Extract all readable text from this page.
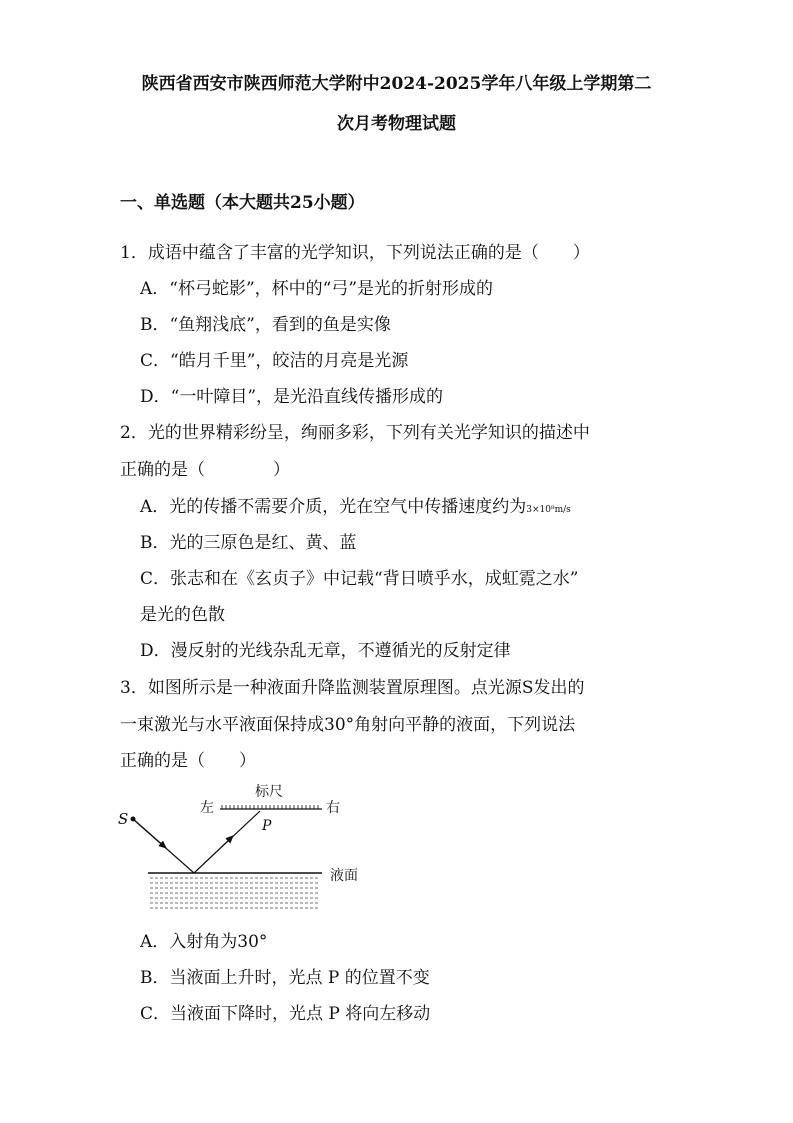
陕西省西安市陕西师范大学附中2024-2025学年八年级上学期第二
次月考物理试题
一、单选题（本大题共25小题）
1．成语中蕴含了丰富的光学知识，下列说法正确的是（　　）
A．“杯弓蛇影”，杯中的“弓”是光的折射形成的
B．“鱼翔浅底”，看到的鱼是实像
C．“皓月千里”，皎洁的月亮是光源
D．“一叶障目”，是光沿直线传播形成的
2．光的世界精彩纷呈，绚丽多彩，下列有关光学知识的描述中
正确的是（　　　　）
A．光的传播不需要介质，光在空气中传播速度约为3×10⁸m/s
B．光的三原色是红、黄、蓝
C．张志和在《玄贞子》中记载“背日喷乎水，成虹霓之水”
是光的色散
D．漫反射的光线杂乱无章，不遵循光的反射定律
3．如图所示是一种液面升降监测装置原理图。点光源S发出的
一束激光与水平液面保持成30°角射向平静的液面，下列说法
正确的是（　　）
标尺
左	右
S	P
液面
A．入射角为30°
B．当液面上升时，光点 P 的位置不变
C．当液面下降时，光点 P 将向左移动
